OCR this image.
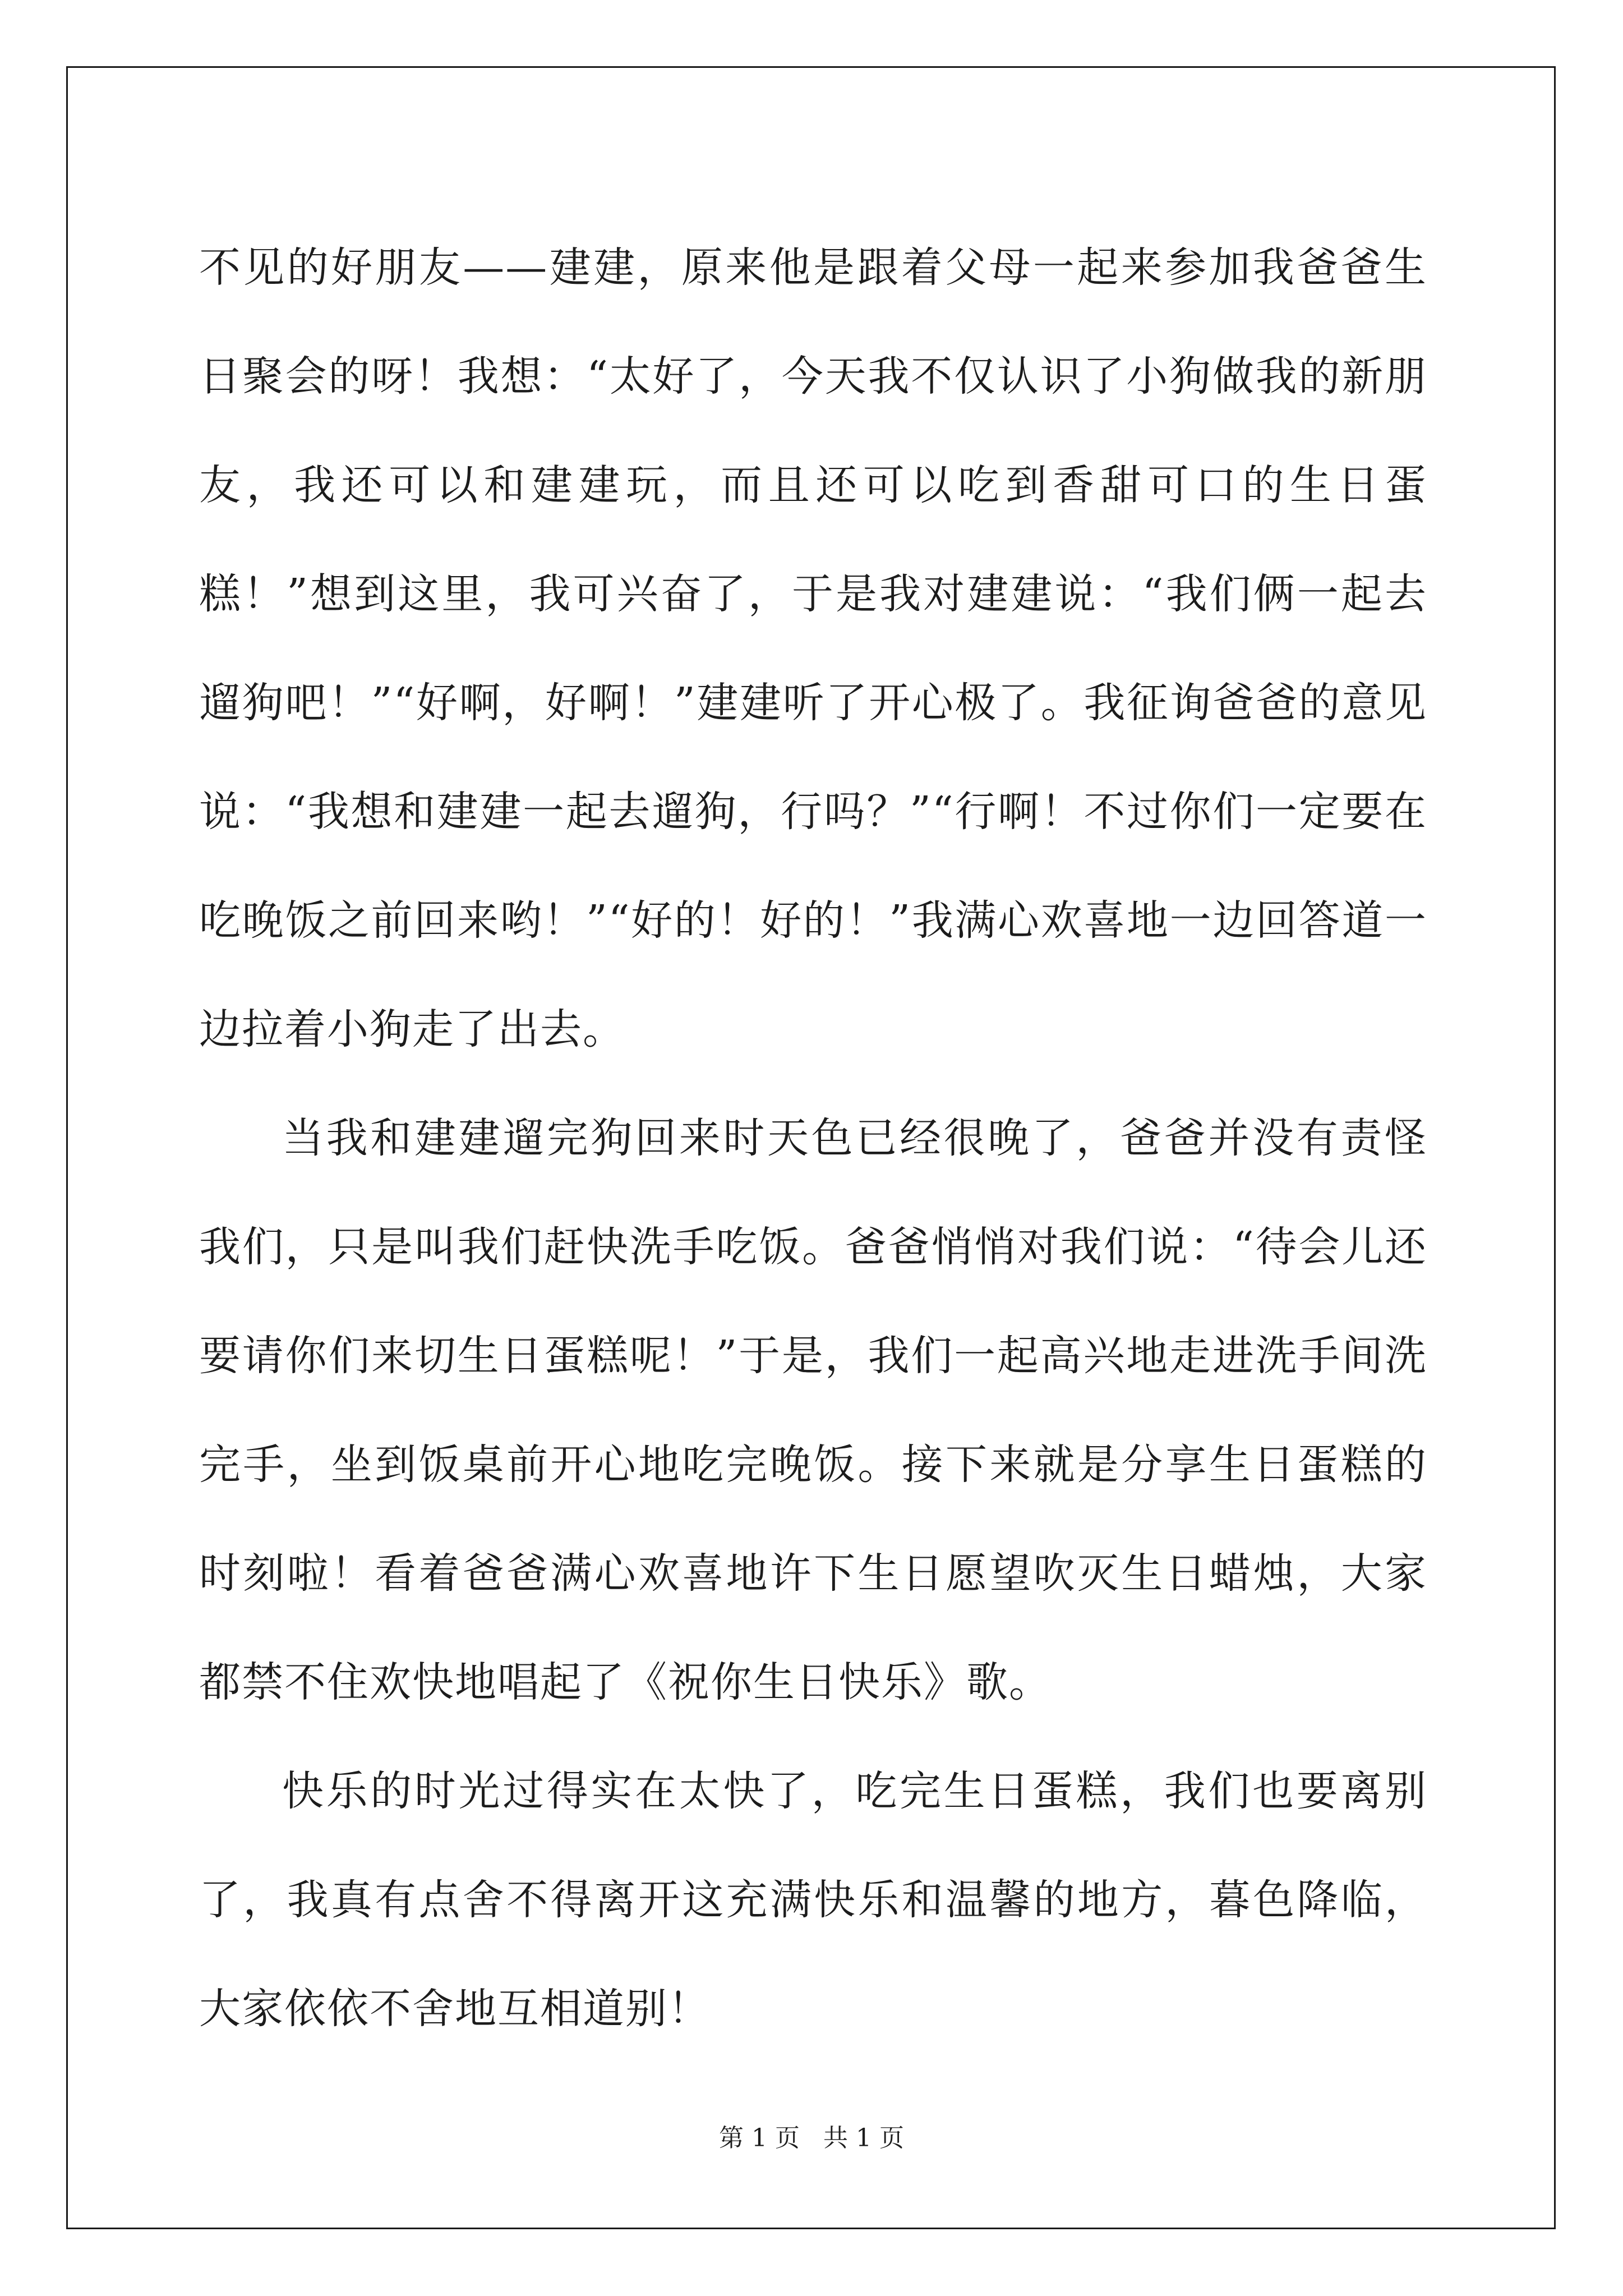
不见的好朋友——建建，原来他是跟着父母一起来参加我爸爸生日聚会的呀！我想：“太好了，今天我不仅认识了小狗做我的新朋友，我还可以和建建玩，而且还可以吃到香甜可口的生日蛋糕！”想到这里，我可兴奋了，于是我对建建说：“我们俩一起去遛狗吧！”“好啊，好啊！”建建听了开心极了。我征询爸爸的意见说：“我想和建建一起去遛狗，行吗？”“行啊！不过你们一定要在吃晚饭之前回来哟！”“好的！好的！”我满心欢喜地一边回答道一边拉着小狗走了出去。

当我和建建遛完狗回来时天色已经很晚了，爸爸并没有责怪我们，只是叫我们赶快洗手吃饭。爸爸悄悄对我们说：“待会儿还要请你们来切生日蛋糕呢！”于是，我们一起高兴地走进洗手间洗完手，坐到饭桌前开心地吃完晚饭。接下来就是分享生日蛋糕的时刻啦！看着爸爸满心欢喜地许下生日愿望吹灭生日蜡烛，大家都禁不住欢快地唱起了《祝你生日快乐》歌。

快乐的时光过得实在太快了，吃完生日蛋糕，我们也要离别了，我真有点舍不得离开这充满快乐和温馨的地方，暮色降临，大家依依不舍地互相道别！

第 1 页   共 1 页
